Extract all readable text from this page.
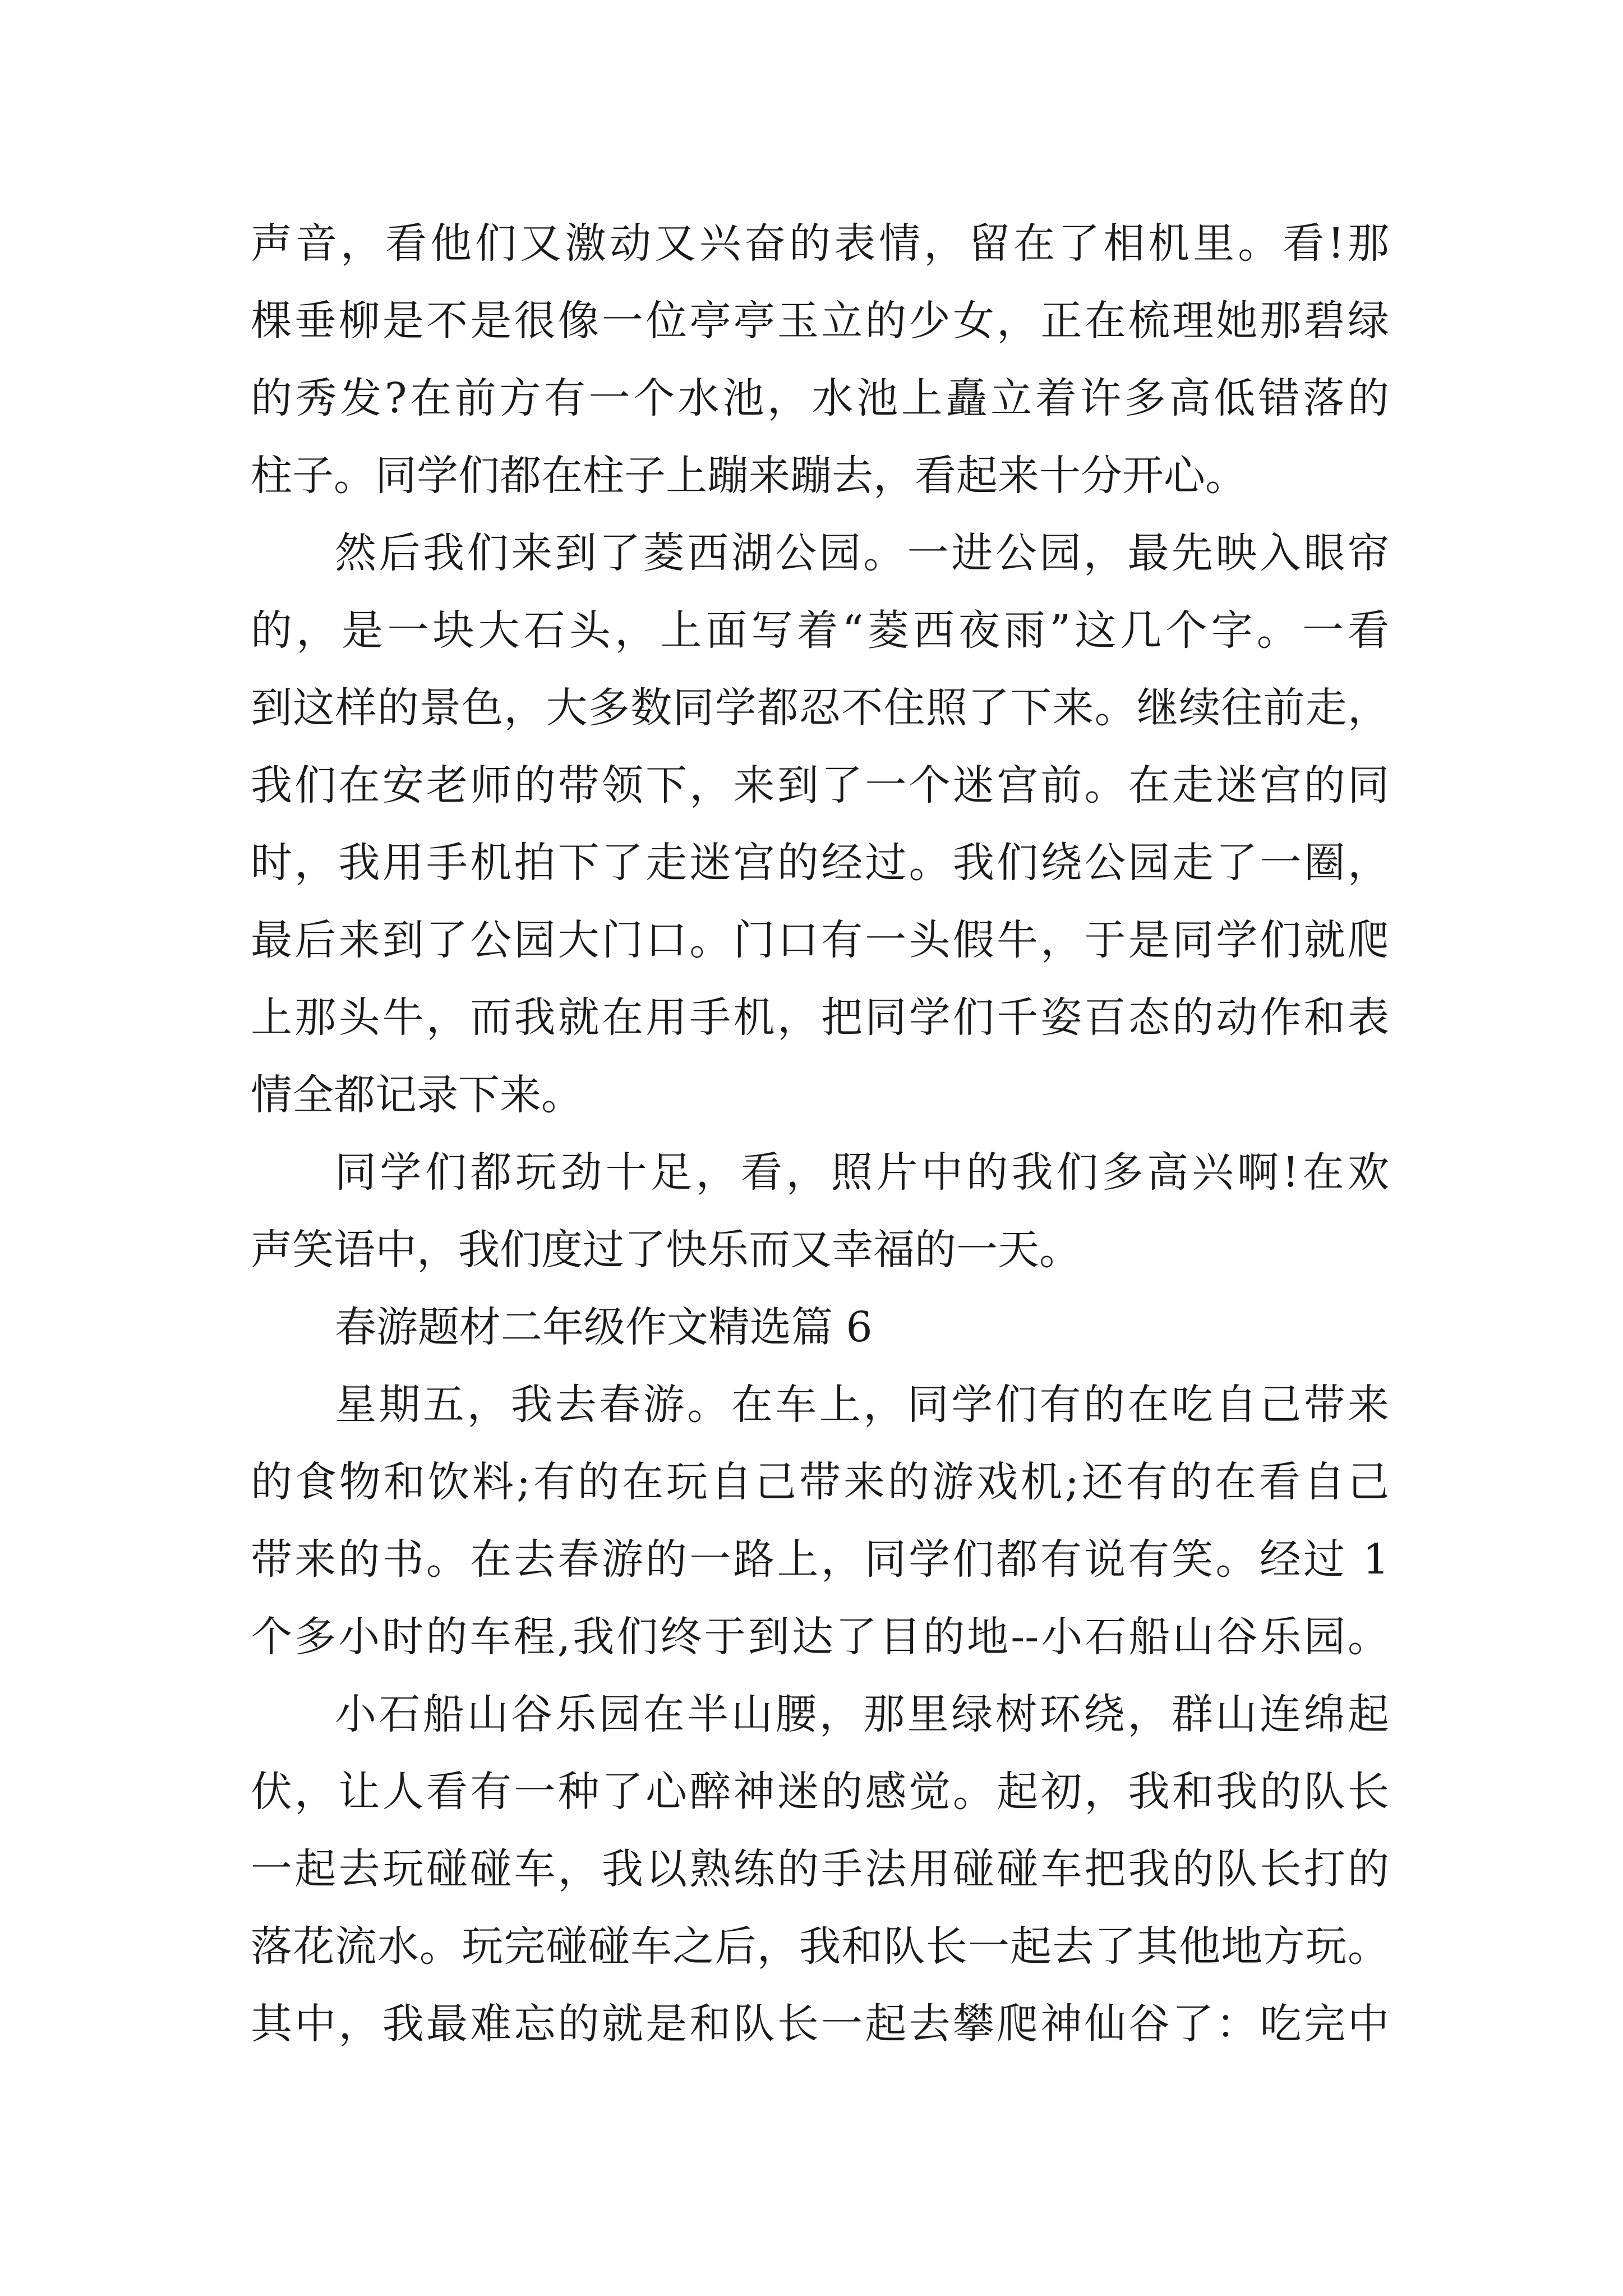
声音，看他们又激动又兴奋的表情，留在了相机里。看!那
棵垂柳是不是很像一位亭亭玉立的少女，正在梳理她那碧绿
的秀发?在前方有一个水池，水池上矗立着许多高低错落的
柱子。同学们都在柱子上蹦来蹦去，看起来十分开心。
然后我们来到了菱西湖公园。一进公园，最先映入眼帘
的，是一块大石头，上面写着“菱西夜雨”这几个字。一看
到这样的景色，大多数同学都忍不住照了下来。继续往前走，
我们在安老师的带领下，来到了一个迷宫前。在走迷宫的同
时，我用手机拍下了走迷宫的经过。我们绕公园走了一圈，
最后来到了公园大门口。门口有一头假牛，于是同学们就爬
上那头牛，而我就在用手机，把同学们千姿百态的动作和表
情全都记录下来。
同学们都玩劲十足，看，照片中的我们多高兴啊!在欢
声笑语中，我们度过了快乐而又幸福的一天。
春游题材二年级作文精选篇 6
星期五，我去春游。在车上，同学们有的在吃自己带来
的食物和饮料;有的在玩自己带来的游戏机;还有的在看自己
带来的书。在去春游的一路上，同学们都有说有笑。经过 1
个多小时的车程,我们终于到达了目的地--小石船山谷乐园。
小石船山谷乐园在半山腰，那里绿树环绕，群山连绵起
伏，让人看有一种了心醉神迷的感觉。起初，我和我的队长
一起去玩碰碰车，我以熟练的手法用碰碰车把我的队长打的
落花流水。玩完碰碰车之后，我和队长一起去了其他地方玩。
其中，我最难忘的就是和队长一起去攀爬神仙谷了：吃完中
